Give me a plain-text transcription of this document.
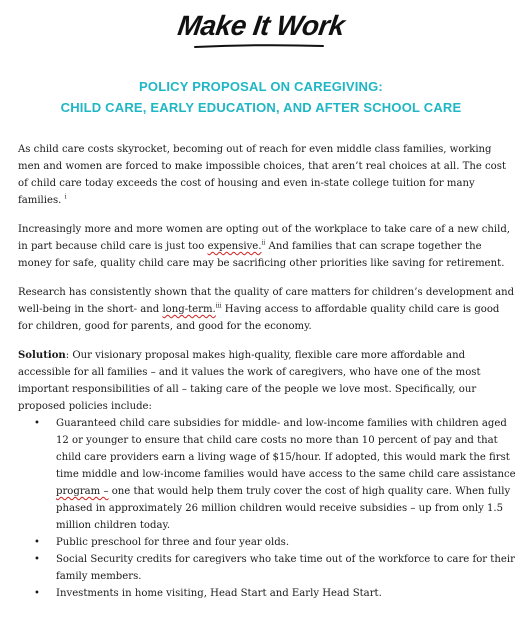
Make It Work
POLICY PROPOSAL ON CAREGIVING:
CHILD CARE, EARLY EDUCATION, AND AFTER SCHOOL CARE

As child care costs skyrocket, becoming out of reach for even middle class families, working men and women are forced to make impossible choices, that aren’t real choices at all. The cost of child care today exceeds the cost of housing and even in-state college tuition for many families. $^i$

Increasingly more and more women are opting out of the workplace to take care of a new child, in part because child care is just too expensive.$^{ii}$ And families that can scrape together the money for safe, quality child care may be sacrificing other priorities like saving for retirement.

Research has consistently shown that the quality of care matters for children’s development and well-being in the short- and long-term.$^{iii}$ Having access to affordable quality child care is good for children, good for parents, and good for the economy.

Solution: Our visionary proposal makes high-quality, flexible care more affordable and accessible for all families – and it values the work of caregivers, who have one of the most important responsibilities of all – taking care of the people we love most. Specifically, our proposed policies include:

• Guaranteed child care subsidies for middle- and low-income families with children aged 12 or younger to ensure that child care costs no more than 10 percent of pay and that child care providers earn a living wage of $15/hour. If adopted, this would mark the first time middle and low-income families would have access to the same child care assistance program – one that would help them truly cover the cost of high quality care. When fully phased in approximately 26 million children would receive subsidies – up from only 1.5 million children today.
• Public preschool for three and four year olds.
• Social Security credits for caregivers who take time out of the workforce to care for their family members.
• Investments in home visiting, Head Start and Early Head Start.
